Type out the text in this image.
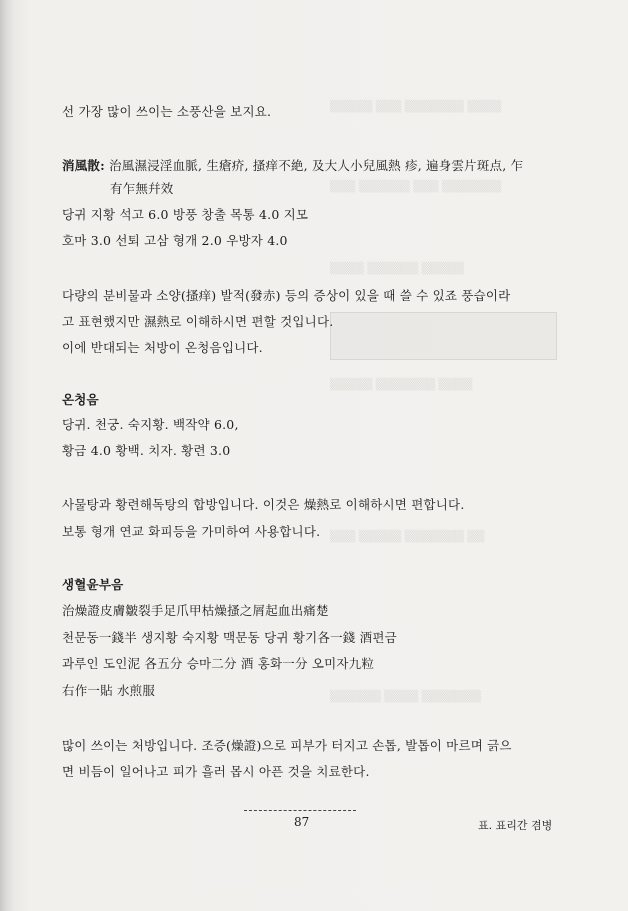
▒▒▒▒▒ ▒▒▒ ▒▒▒▒▒▒▒ ▒▒▒▒
▒▒▒ ▒▒▒▒▒▒ ▒▒▒ ▒▒▒▒▒▒▒
▒▒▒▒ ▒▒▒▒▒▒ ▒▒▒▒▒
▒▒▒▒▒ ▒▒▒▒▒▒▒ ▒▒▒▒
▒▒▒ ▒▒▒▒▒ ▒▒▒▒▒▒▒ ▒▒
▒▒▒▒▒▒ ▒▒▒▒ ▒▒▒▒▒▒▒
선 가장 많이 쓰이는 소풍산을 보지요.
消風散: 治風濕浸淫血脈, 生瘡疥, 搔痒不絶, 及大人小兒風熱 疹, 遍身雲片斑点, 乍
有乍無幷效
당귀 지황 석고 6.0 방풍 창출 목통 4.0 지모
호마 3.0 선퇴 고삼 형개 2.0 우방자 4.0
다량의 분비물과 소양(搔痒) 발적(發赤) 등의 증상이 있을 때 쓸 수 있죠 풍습이라
고 표현했지만 濕熱로 이해하시면 편할 것입니다.
이에 반대되는 처방이 온청음입니다.
온청음
당귀. 천궁. 숙지황. 백작약 6.0,
황금 4.0 황백. 치자. 황련 3.0
사물탕과 황련해독탕의 합방입니다. 이것은 燥熱로 이해하시면 편합니다.
보통 형개 연교 화피등을 가미하여 사용합니다.
생혈윤부음
治燥證皮膚皺裂手足爪甲枯燥搔之屑起血出痛楚
천문동一錢半 생지황 숙지황 맥문동 당귀 황기各一錢 酒편금
과루인 도인泥 各五分 승마二分 酒 홍화一分 오미자九粒
右作一貼 水煎服
많이 쓰이는 처방입니다. 조증(燥證)으로 피부가 터지고 손톱, 발톱이 마르며 긁으
면 비듬이 일어나고 피가 흘러 몹시 아픈 것을 치료한다.
87	표. 표리간 겸병
